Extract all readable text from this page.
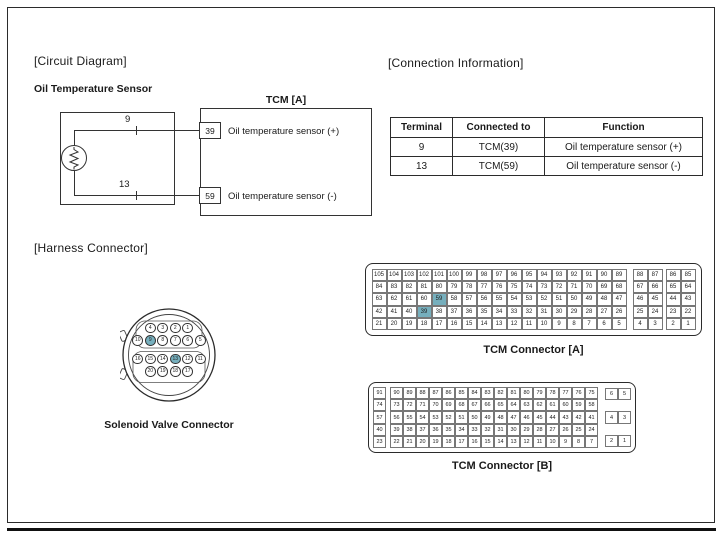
[Circuit Diagram]	[Connection Information]
Oil Temperature Sensor
9
13
TCM [A]
39
59
Oil temperature sensor (+)
Oil temperature sensor (-)
Terminal	Connected to	Function
9	TCM(39)	Oil temperature sensor (+)
13	TCM(59)	Oil temperature sensor (-)
[Harness Connector]
4	3	2	1
10	9	8	7	6	5
16	15	14	13	12	11
20	19	18	17
Solenoid Valve Connector
105 104 103 102 101 100	99	98	97	96	95	94	93	92	91	90	89	88	87	86	85
84	83	82	81	80	79	78	77	76	75	74	73	72	71	70	69	68	67	66	65	64
63	62	61	60	59	58	57	56	55	54	53	52	51	50	49	48	47	46	45	44	43
42	41	40	39	38	37	36	35	34	33	32	31	30	29	28	27	26	25	24	23	22
21	20	19	18	17	16	15	14	13	12	11	10	9	8	7	6	5	4	3	2	1
TCM Connector [A]
91	90	89	88	87	86	85	84	83	82	81	80	79	78	77	76	75
74	73	72	71	70	69	68	67	66	65	64	63	62	61	60	59	58
57	56	55	54	53	52	51	50	49	48	47	46	45	44	43	42	41
40	39	38	37	36	35	34	33	32	31	30	29	28	27	26	25	24
23	22	21	20	19	18	17	16	15	14	13	12	11	10	9	8	7
6	5
4	3
2	1
TCM Connector [B]
